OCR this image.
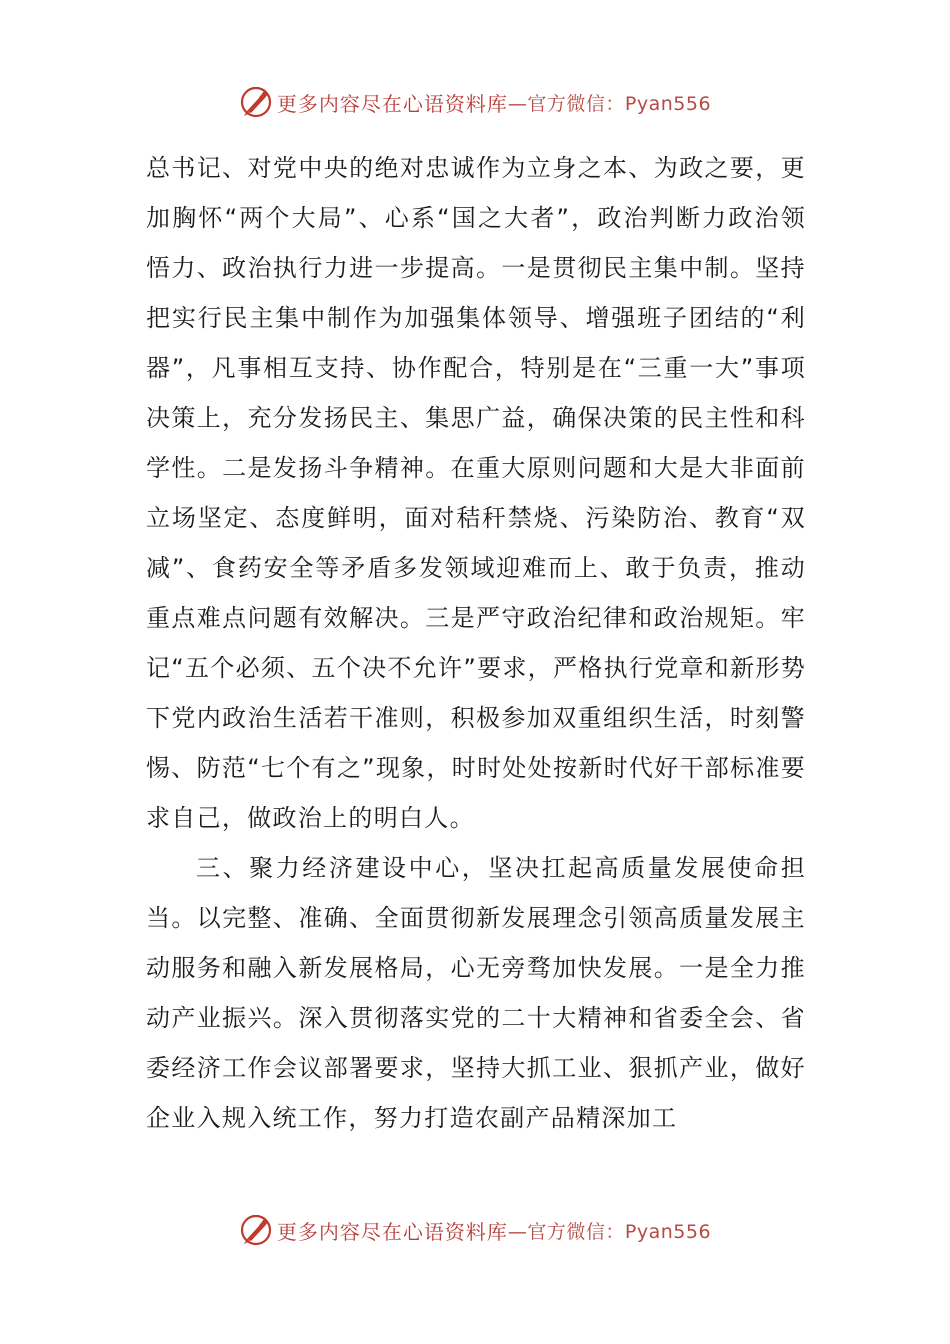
更多内容尽在心语资料库 —官方微信：Pyan556

总书记、对党中央的绝对忠诚作为立身之本、为政之要，更加胸怀“两个大局”、心系“国之大者”，政治判断力政治领悟力、政治执行力进一步提高。一是贯彻民主集中制。坚持把实行民主集中制作为加强集体领导、增强班子团结的“利器”，凡事相互支持、协作配合，特别是在“三重一大”事项决策上，充分发扬民主、集思广益，确保决策的民主性和科学性。二是发扬斗争精神。在重大原则问题和大是大非面前立场坚定、态度鲜明，面对秸秆禁烧、污染防治、教育“双减”、食药安全等矛盾多发领域迎难而上、敢于负责，推动重点难点问题有效解决。三是严守政治纪律和政治规矩。牢记“五个必须、五个决不允许”要求，严格执行党章和新形势下党内政治生活若干准则，积极参加双重组织生活，时刻警惕、防范“七个有之”现象，时时处处按新时代好干部标准要求自己，做政治上的明白人。

三、聚力经济建设中心，坚决扛起高质量发展使命担当。以完整、准确、全面贯彻新发展理念引领高质量发展主动服务和融入新发展格局，心无旁骛加快发展。一是全力推动产业振兴。深入贯彻落实党的二十大精神和省委全会、省委经济工作会议部署要求，坚持大抓工业、狠抓产业，做好企业入规入统工作，努力打造农副产品精深加工

更多内容尽在心语资料库 —官方微信：Pyan556
